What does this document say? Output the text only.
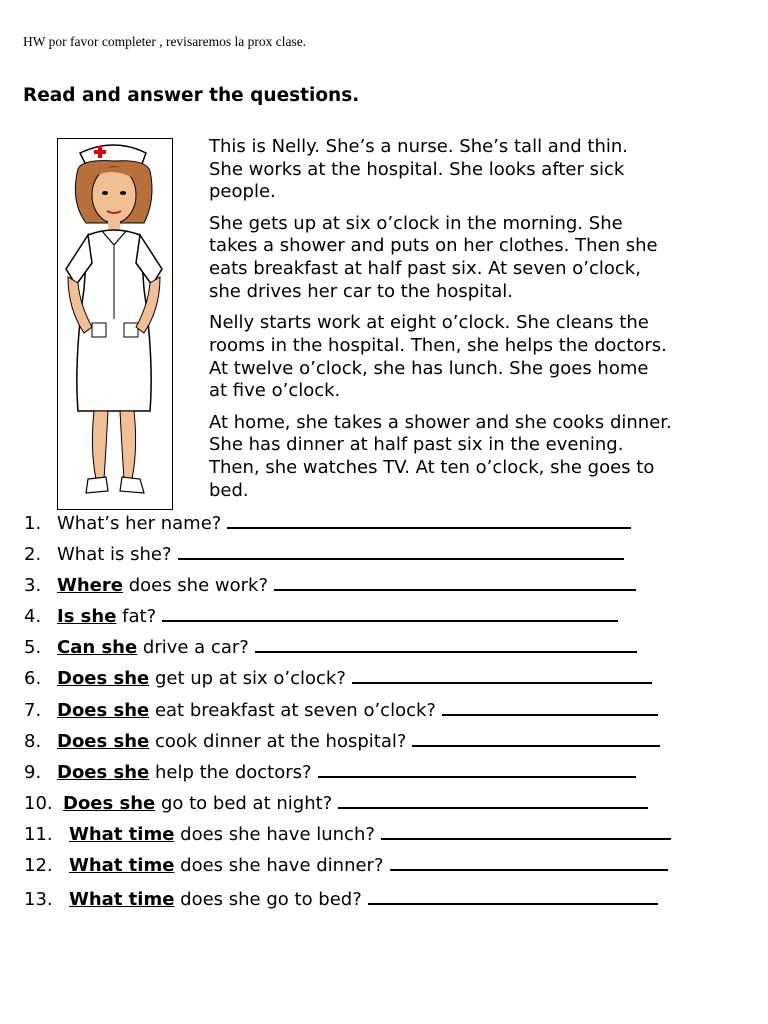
HW por favor completer , revisaremos la prox clase.
Read and answer the questions.

This is Nelly. She’s a nurse. She’s tall and thin.
She works at the hospital. She looks after sick
people.

She gets up at six o’clock in the morning. She
takes a shower and puts on her clothes. Then she
eats breakfast at half past six. At seven o’clock,
she drives her car to the hospital.

Nelly starts work at eight o’clock. She cleans the
rooms in the hospital. Then, she helps the doctors.
At twelve o’clock, she has lunch. She goes home
at five o’clock.

At home, she takes a shower and she cooks dinner.
She has dinner at half past six in the evening.
Then, she watches TV. At ten o’clock, she goes to
bed.

1. What’s her name?
2. What is she?
3. Where does she work?
4. Is she fat?
5. Can she drive a car?
6. Does she get up at six o’clock?
7. Does she eat breakfast at seven o’clock?
8. Does she cook dinner at the hospital?
9. Does she help the doctors?
10. Does she go to bed at night?
11. What time does she have lunch?
12. What time does she have dinner?
13. What time does she go to bed?
